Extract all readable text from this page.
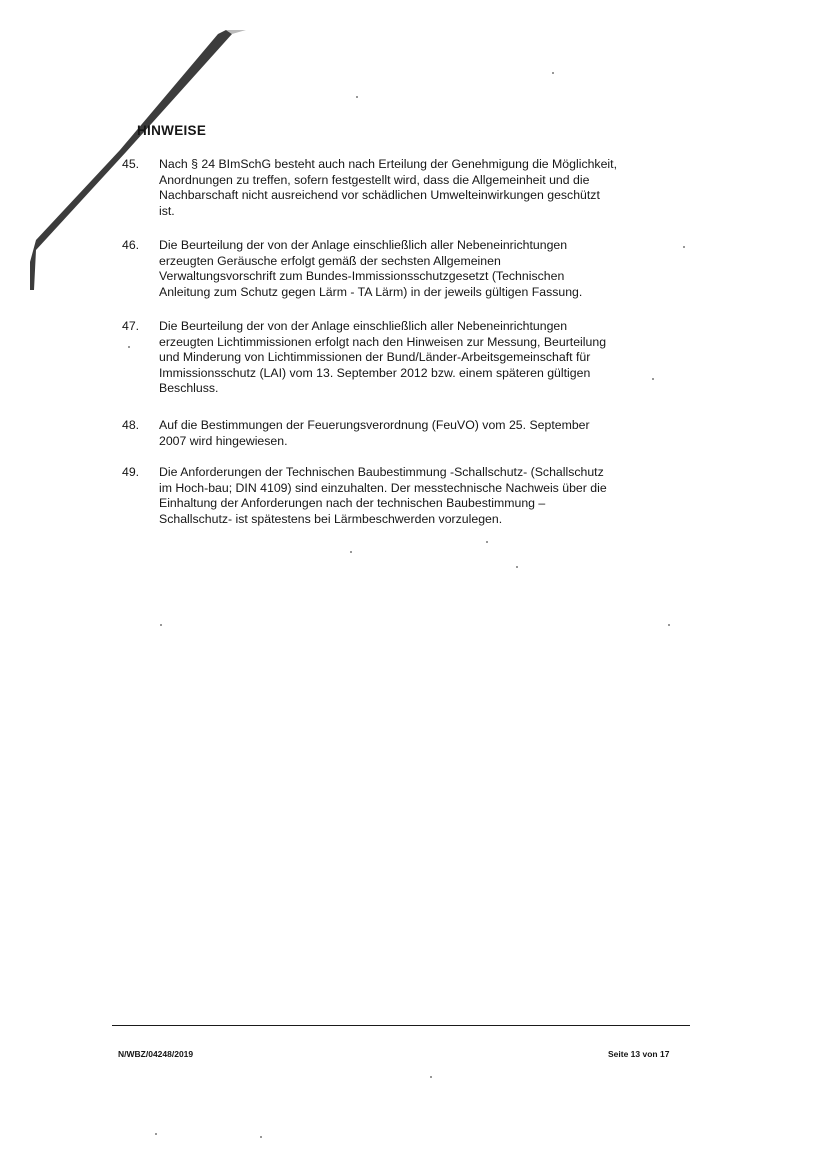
HINWEISE
45. Nach § 24 BImSchG besteht auch nach Erteilung der Genehmigung die Möglichkeit,
Anordnungen zu treffen, sofern festgestellt wird, dass die Allgemeinheit und die
Nachbarschaft nicht ausreichend vor schädlichen Umwelteinwirkungen geschützt
ist.
46. Die Beurteilung der von der Anlage einschließlich aller Nebeneinrichtungen
erzeugten Geräusche erfolgt gemäß der sechsten Allgemeinen
Verwaltungsvorschrift zum Bundes-Immissionsschutzgesetzt (Technischen
Anleitung zum Schutz gegen Lärm - TA Lärm) in der jeweils gültigen Fassung.
47. Die Beurteilung der von der Anlage einschließlich aller Nebeneinrichtungen
erzeugten Lichtimmissionen erfolgt nach den Hinweisen zur Messung, Beurteilung
und Minderung von Lichtimmissionen der Bund/Länder-Arbeitsgemeinschaft für
Immissionsschutz (LAI) vom 13. September 2012 bzw. einem späteren gültigen
Beschluss.
48. Auf die Bestimmungen der Feuerungsverordnung (FeuVO) vom 25. September
2007 wird hingewiesen.
49. Die Anforderungen der Technischen Baubestimmung -Schallschutz- (Schallschutz
im Hoch-bau; DIN 4109) sind einzuhalten. Der messtechnische Nachweis über die
Einhaltung der Anforderungen nach der technischen Baubestimmung –
Schallschutz- ist spätestens bei Lärmbeschwerden vorzulegen.
N/WBZ/04248/2019	Seite 13 von 17
